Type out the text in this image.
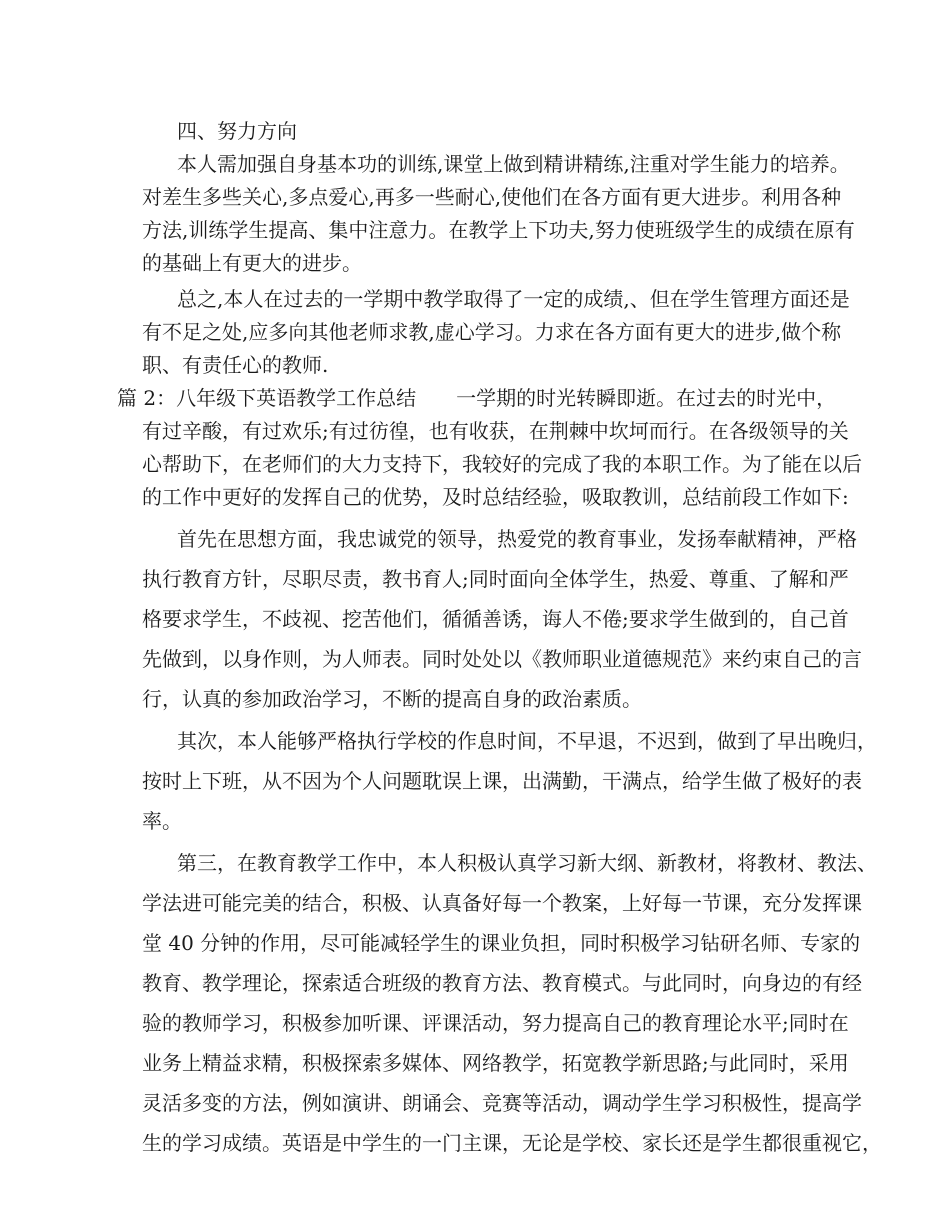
四、努力方向
本人需加强自身基本功的训练,课堂上做到精讲精练,注重对学生能力的培养。
对差生多些关心,多点爱心,再多一些耐心,使他们在各方面有更大进步。利用各种
方法,训练学生提高、集中注意力。在教学上下功夫,努力使班级学生的成绩在原有
的基础上有更大的进步。
总之,本人在过去的一学期中教学取得了一定的成绩,、但在学生管理方面还是
有不足之处,应多向其他老师求教,虚心学习。力求在各方面有更大的进步,做个称
职、有责任心的教师.
篇 2：八年级下英语教学工作总结　　一学期的时光转瞬即逝。在过去的时光中，
有过辛酸，有过欢乐;有过彷徨，也有收获，在荆棘中坎坷而行。在各级领导的关
心帮助下，在老师们的大力支持下，我较好的完成了我的本职工作。为了能在以后
的工作中更好的发挥自己的优势，及时总结经验，吸取教训，总结前段工作如下:
首先在思想方面，我忠诚党的领导，热爱党的教育事业，发扬奉献精神，严格
执行教育方针，尽职尽责，教书育人;同时面向全体学生，热爱、尊重、了解和严
格要求学生，不歧视、挖苦他们，循循善诱，诲人不倦;要求学生做到的，自己首
先做到，以身作则，为人师表。同时处处以《教师职业道德规范》来约束自己的言
行，认真的参加政治学习，不断的提高自身的政治素质。
其次，本人能够严格执行学校的作息时间，不早退，不迟到，做到了早出晚归，
按时上下班，从不因为个人问题耽误上课，出满勤，干满点，给学生做了极好的表
率。
第三，在教育教学工作中，本人积极认真学习新大纲、新教材，将教材、教法、
学法进可能完美的结合，积极、认真备好每一个教案，上好每一节课，充分发挥课
堂 40 分钟的作用，尽可能减轻学生的课业负担，同时积极学习钻研名师、专家的
教育、教学理论，探索适合班级的教育方法、教育模式。与此同时，向身边的有经
验的教师学习，积极参加听课、评课活动，努力提高自己的教育理论水平;同时在
业务上精益求精，积极探索多媒体、网络教学，拓宽教学新思路;与此同时，采用
灵活多变的方法，例如演讲、朗诵会、竞赛等活动，调动学生学习积极性，提高学
生的学习成绩。英语是中学生的一门主课，无论是学校、家长还是学生都很重视它，
